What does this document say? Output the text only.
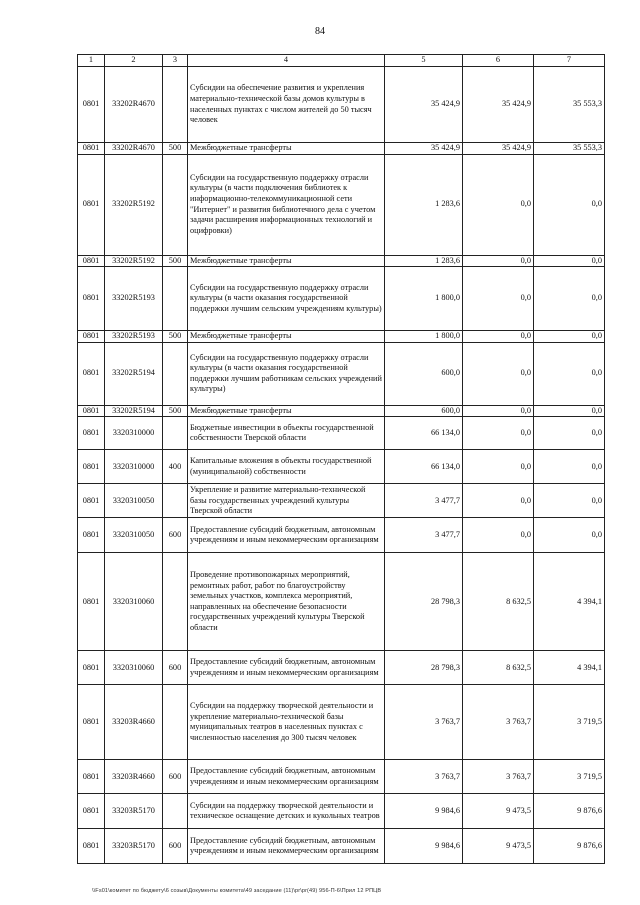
84
1	2	3	4	5	6	7
0801	33202R4670		Субсидии на обеспечение развития и укрепления материально-технической базы домов культуры в населенных пунктах с числом жителей до 50 тысяч человек	35 424,9	35 424,9	35 553,3
0801	33202R4670	500	Межбюджетные трансферты	35 424,9	35 424,9	35 553,3
0801	33202R5192		Субсидии на государственную поддержку отрасли культуры (в части подключения библиотек к информационно-телекоммуникационной сети "Интернет" и развития библиотечного дела с учетом задачи расширения информационных технологий и оцифровки)	1 283,6	0,0	0,0
0801	33202R5192	500	Межбюджетные трансферты	1 283,6	0,0	0,0
0801	33202R5193		Субсидии на государственную поддержку отрасли культуры (в части оказания государственной поддержки лучшим сельским учреждениям культуры)	1 800,0	0,0	0,0
0801	33202R5193	500	Межбюджетные трансферты	1 800,0	0,0	0,0
0801	33202R5194		Субсидии на государственную поддержку отрасли культуры (в части оказания государственной поддержки лучшим работникам сельских учреждений культуры)	600,0	0,0	0,0
0801	33202R5194	500	Межбюджетные трансферты	600,0	0,0	0,0
0801	3320310000		Бюджетные инвестиции в объекты государственной собственности Тверской области	66 134,0	0,0	0,0
0801	3320310000	400	Капитальные вложения в объекты государственной (муниципальной) собственности	66 134,0	0,0	0,0
0801	3320310050		Укрепление и развитие материально-технической базы государственных учреждений культуры Тверской области	3 477,7	0,0	0,0
0801	3320310050	600	Предоставление субсидий бюджетным, автономным учреждениям и иным некоммерческим организациям	3 477,7	0,0	0,0
0801	3320310060		Проведение противопожарных мероприятий, ремонтных работ, работ по благоустройству земельных участков, комплекса мероприятий, направленных на обеспечение безопасности государственных учреждений культуры Тверской области	28 798,3	8 632,5	4 394,1
0801	3320310060	600	Предоставление субсидий бюджетным, автономным учреждениям и иным некоммерческим организациям	28 798,3	8 632,5	4 394,1
0801	33203R4660		Субсидии на поддержку творческой деятельности и укрепление материально-технической базы муниципальных театров в населенных пунктах с численностью населения до 300 тысяч человек	3 763,7	3 763,7	3 719,5
0801	33203R4660	600	Предоставление субсидий бюджетным, автономным учреждениям и иным некоммерческим организациям	3 763,7	3 763,7	3 719,5
0801	33203R5170		Субсидии на поддержку творческой деятельности и техническое оснащение детских и кукольных театров	9 984,6	9 473,5	9 876,6
0801	33203R5170	600	Предоставление субсидий бюджетным, автономным учреждениям и иным некоммерческим организациям	9 984,6	9 473,5	9 876,6
\\Fs01\комитет по бюджету\6 созыв\Документы комитета\49 заседание (11)\pr\pr(49) 956-П-6\Прил 12 РПЦВ
